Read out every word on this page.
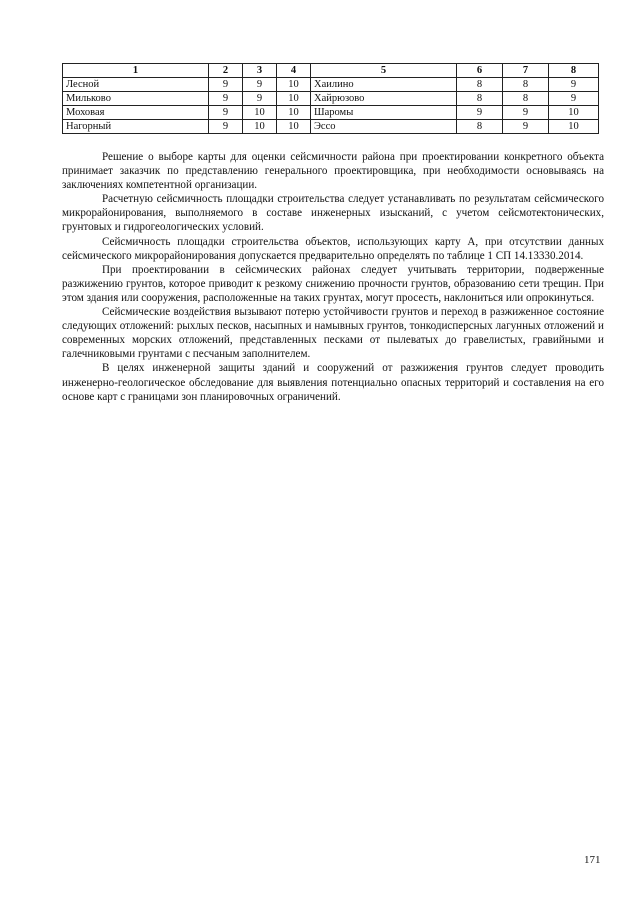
1	2	3	4	5	6	7	8
Лесной	9	9	10	Хаилино	8	8	9
Мильково	9	9	10	Хайрюзово	8	8	9
Моховая	9	10	10	Шаромы	9	9	10
Нагорный	9	10	10	Эссо	8	9	10

Решение о выборе карты для оценки сейсмичности района при проектировании конкретного объекта принимает заказчик по представлению генерального проектировщика, при необходимости основываясь на заключениях компетентной организации.

Расчетную сейсмичность площадки строительства следует устанавливать по результатам сейсмического микрорайонирования, выполняемого в составе инженерных изысканий, с учетом сейсмотектонических, грунтовых и гидрогеологических условий.

Сейсмичность площадки строительства объектов, использующих карту А, при отсутствии данных сейсмического микрорайонирования допускается предварительно определять по таблице 1 СП 14.13330.2014.

При проектировании в сейсмических районах следует учитывать территории, подверженные разжижению грунтов, которое приводит к резкому снижению прочности грунтов, образованию сети трещин. При этом здания или сооружения, расположенные на таких грунтах, могут просесть, наклониться или опрокинуться.

Сейсмические воздействия вызывают потерю устойчивости грунтов и переход в разжиженное состояние следующих отложений: рыхлых песков, насыпных и намывных грунтов, тонкодисперсных лагунных отложений и современных морских отложений, представленных песками от пылеватых до гравелистых, гравийными и галечниковыми грунтами с песчаным заполнителем.

В целях инженерной защиты зданий и сооружений от разжижения грунтов следует проводить инженерно-геологическое обследование для выявления потенциально опасных территорий и составления на его основе карт с границами зон планировочных ограничений.

171
